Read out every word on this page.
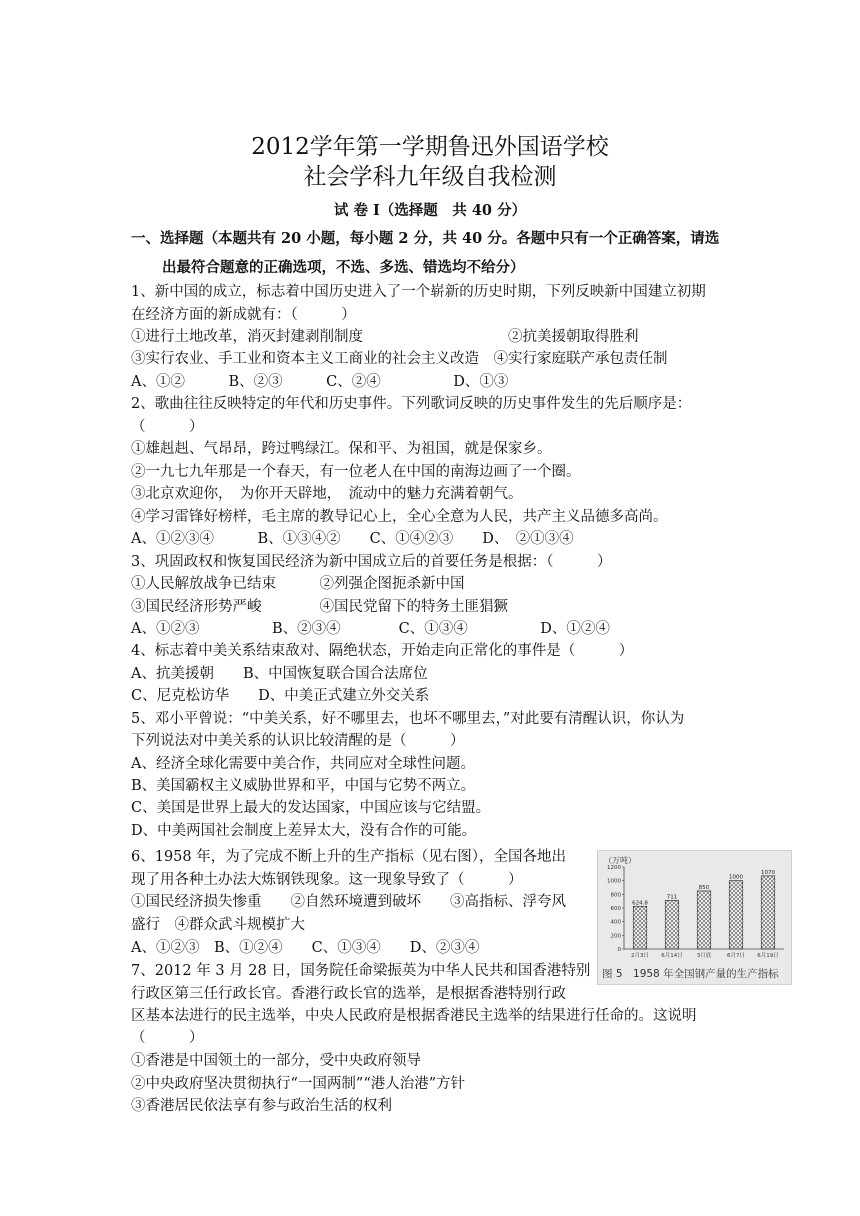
2012学年第一学期鲁迅外国语学校
社会学科九年级自我检测
试 卷 Ⅰ（选择题　共 40 分）
一、选择题（本题共有 20 小题，每小题 2 分，共 40 分。各题中只有一个正确答案，请选
出最符合题意的正确选项，不选、多选、错选均不给分）
1、新中国的成立，标志着中国历史进入了一个崭新的历史时期，下列反映新中国建立初期
在经济方面的新成就有：（　　　）
①进行土地改革，消灭封建剥削制度　　　　　　　　　　②抗美援朝取得胜利
③实行农业、手工业和资本主义工商业的社会主义改造　④实行家庭联产承包责任制
A、①②　　　B、②③　　　C、②④　　　　　D、①③
2、歌曲往往反映特定的年代和历史事件。下列歌词反映的历史事件发生的先后顺序是：
（　　　）
①雄赳赳、气昂昂，跨过鸭绿江。保和平、为祖国，就是保家乡。
②一九七九年那是一个春天，有一位老人在中国的南海边画了一个圈。
③北京欢迎你，　为你开天辟地，　流动中的魅力充满着朝气。
④学习雷锋好榜样，毛主席的教导记心上，全心全意为人民，共产主义品德多高尚。
A、①②③④　　　B、①③④②　　C、①④②③　　D、　②①③④
3、巩固政权和恢复国民经济为新中国成立后的首要任务是根据：（　　　）
①人民解放战争已结束　　　②列强企图扼杀新中国
③国民经济形势严峻　　　　④国民党留下的特务土匪猖獗
A、①②③　　　　　B、②③④　　　　C、①③④　　　　　D、①②④
4、标志着中美关系结束敌对、隔绝状态，开始走向正常化的事件是（　　　）
A、抗美援朝　　B、中国恢复联合国合法席位
C、尼克松访华　　D、中美正式建立外交关系
5、邓小平曾说：“中美关系，好不哪里去，也坏不哪里去，”对此要有清醒认识，你认为
下列说法对中美关系的认识比较清醒的是（　　　）
A、经济全球化需要中美合作，共同应对全球性问题。
B、美国霸权主义威胁世界和平，中国与它势不两立。
C、美国是世界上最大的发达国家，中国应该与它结盟。
D、中美两国社会制度上差异太大，没有合作的可能。
6、1958 年，为了完成不断上升的生产指标（见右图），全国各地出
现了用各种土办法大炼钢铁现象。这一现象导致了（　　　）
①国民经济损失惨重　　②自然环境遭到破坏　　③高指标、浮夸风
盛行　④群众武斗规模扩大
A、①②③　B、①②④　　C、①③④　　D、②③④
7、2012 年 3 月 28 日，国务院任命梁振英为中华人民共和国香港特别
行政区第三任行政长官。香港行政长官的选举，是根据香港特别行政
区基本法进行的民主选举，中央人民政府是根据香港民主选举的结果进行任命的。这说明
（　　　）
①香港是中国领土的一部分，受中央政府领导
②中央政府坚决贯彻执行“一国两制”“港人治港”方针
③香港居民依法享有参与政治生活的权利
（万吨）
1200
1000
800
600
400
200
0
624.8
2月3日
711
6月14日
850
3月底
1000
6月7日
1070
6月19日
图 5　1958 年全国钢产量的生产指标
